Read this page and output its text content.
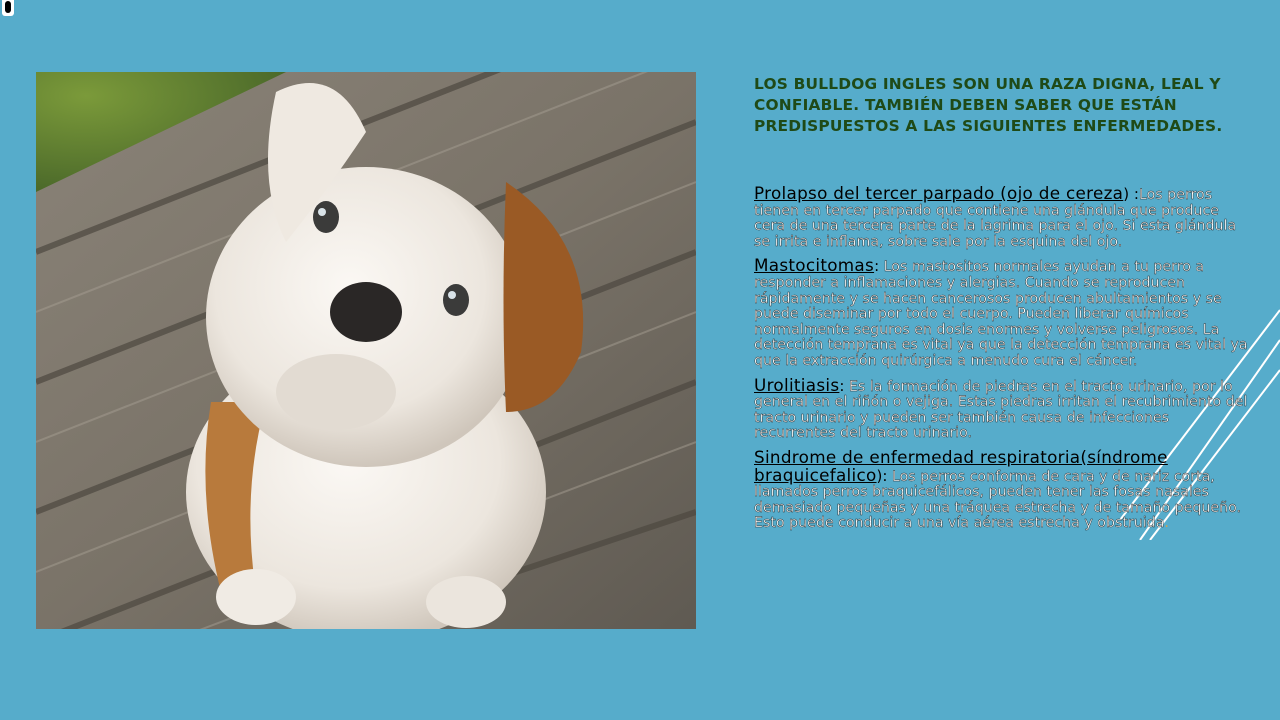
LOS BULLDOG INGLES SON UNA RAZA DIGNA, LEAL Y CONFIABLE. TAMBIÉN DEBEN SABER QUE ESTÁN PREDISPUESTOS A LAS SIGUIENTES ENFERMEDADES.

Prolapso del tercer parpado (ojo de cereza) :Los perros tienen en tercer parpado que contiene una glándula que produce cera de una tercera parte de la lagrima para el ojo. Si esta glándula se irrita e inflama, sobre sale por la esquina del ojo.

Mastocitomas: Los mastositos normales ayudan a tu perro a responder a inflamaciones y alergias. Cuando se reproducen rápidamente y se hacen cancerosos producen abultamientos y se puede diseminar por todo el cuerpo. Pueden liberar químicos normalmente seguros en dosis enormes y volverse peligrosos. La detección temprana es vital ya que la detección temprana es vital ya que la extracción quirúrgica a menudo cura el cáncer.

Urolitiasis: Es la formación de piedras en el tracto urinario, por lo general en el riñón o vejiga. Estas piedras irritan el recubrimiento del tracto urinario y pueden ser también causa de infecciones recurrentes del tracto urinario.

Sindrome de enfermedad respiratoria(síndrome braquicefalico): Los perros conforma de cara y de nariz corta, llamados perros braquicefálicos, pueden tener las fosas nasales demasiado pequeñas y una tráquea estrecha y de tamaño pequeño. Esto puede conducir a una vía aérea estrecha y obstruida.
